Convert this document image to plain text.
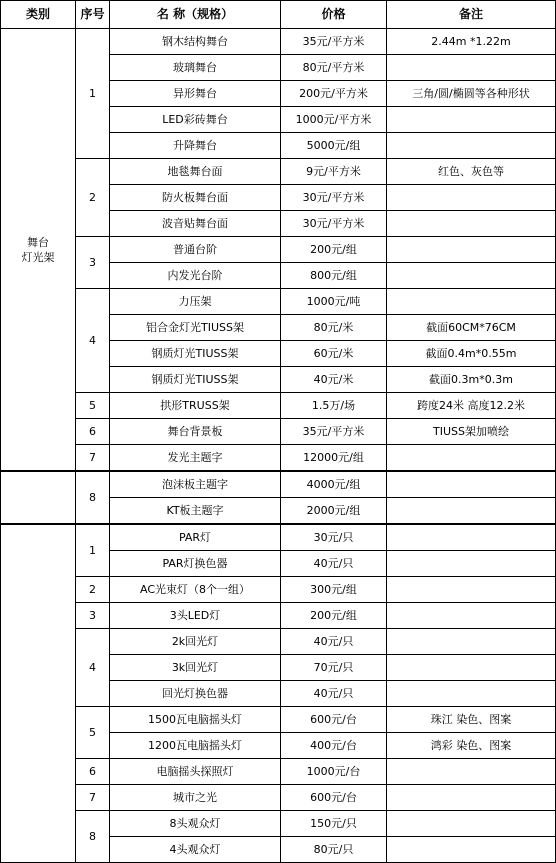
类别	序号	名 称（规格）	价格	备注
舞台
灯光架	1	钢木结构舞台	35元/平方米	2.44m *1.22m
		玻璃舞台	80元/平方米	
		异形舞台	200元/平方米	三角/圆/椭圆等各种形状
		LED彩砖舞台	1000元/平方米	
		升降舞台	5000元/组	
	2	地毯舞台面	9元/平方米	红色、灰色等
		防火板舞台面	30元/平方米	
		波音贴舞台面	30元/平方米	
	3	普通台阶	200元/组	
		内发光台阶	800元/组	
	4	力压架	1000元/吨	
		铝合金灯光TIUSS架	80元/米	截面60CM*76CM
		钢质灯光TIUSS架	60元/米	截面0.4m*0.55m
		钢质灯光TIUSS架	40元/米	截面0.3m*0.3m
	5	拱形TRUSS架	1.5万/场	跨度24米 高度12.2米
	6	舞台背景板	35元/平方米	TIUSS架加喷绘
	7	发光主题字	12000元/组	
	8	泡沫板主题字	4000元/组	
		KT板主题字	2000元/组	
	1	PAR灯	30元/只	
		PAR灯换色器	40元/只	
	2	AC光束灯（8个一组）	300元/组	
	3	3头LED灯	200元/组	
	4	2k回光灯	40元/只	
		3k回光灯	70元/只	
		回光灯换色器	40元/只	
	5	1500瓦电脑摇头灯	600元/台	珠江 染色、图案
		1200瓦电脑摇头灯	400元/台	鸿彩 染色、图案
	6	电脑摇头探照灯	1000元/台	
	7	城市之光	600元/台	
	8	8头观众灯	150元/只	
		4头观众灯	80元/只	
